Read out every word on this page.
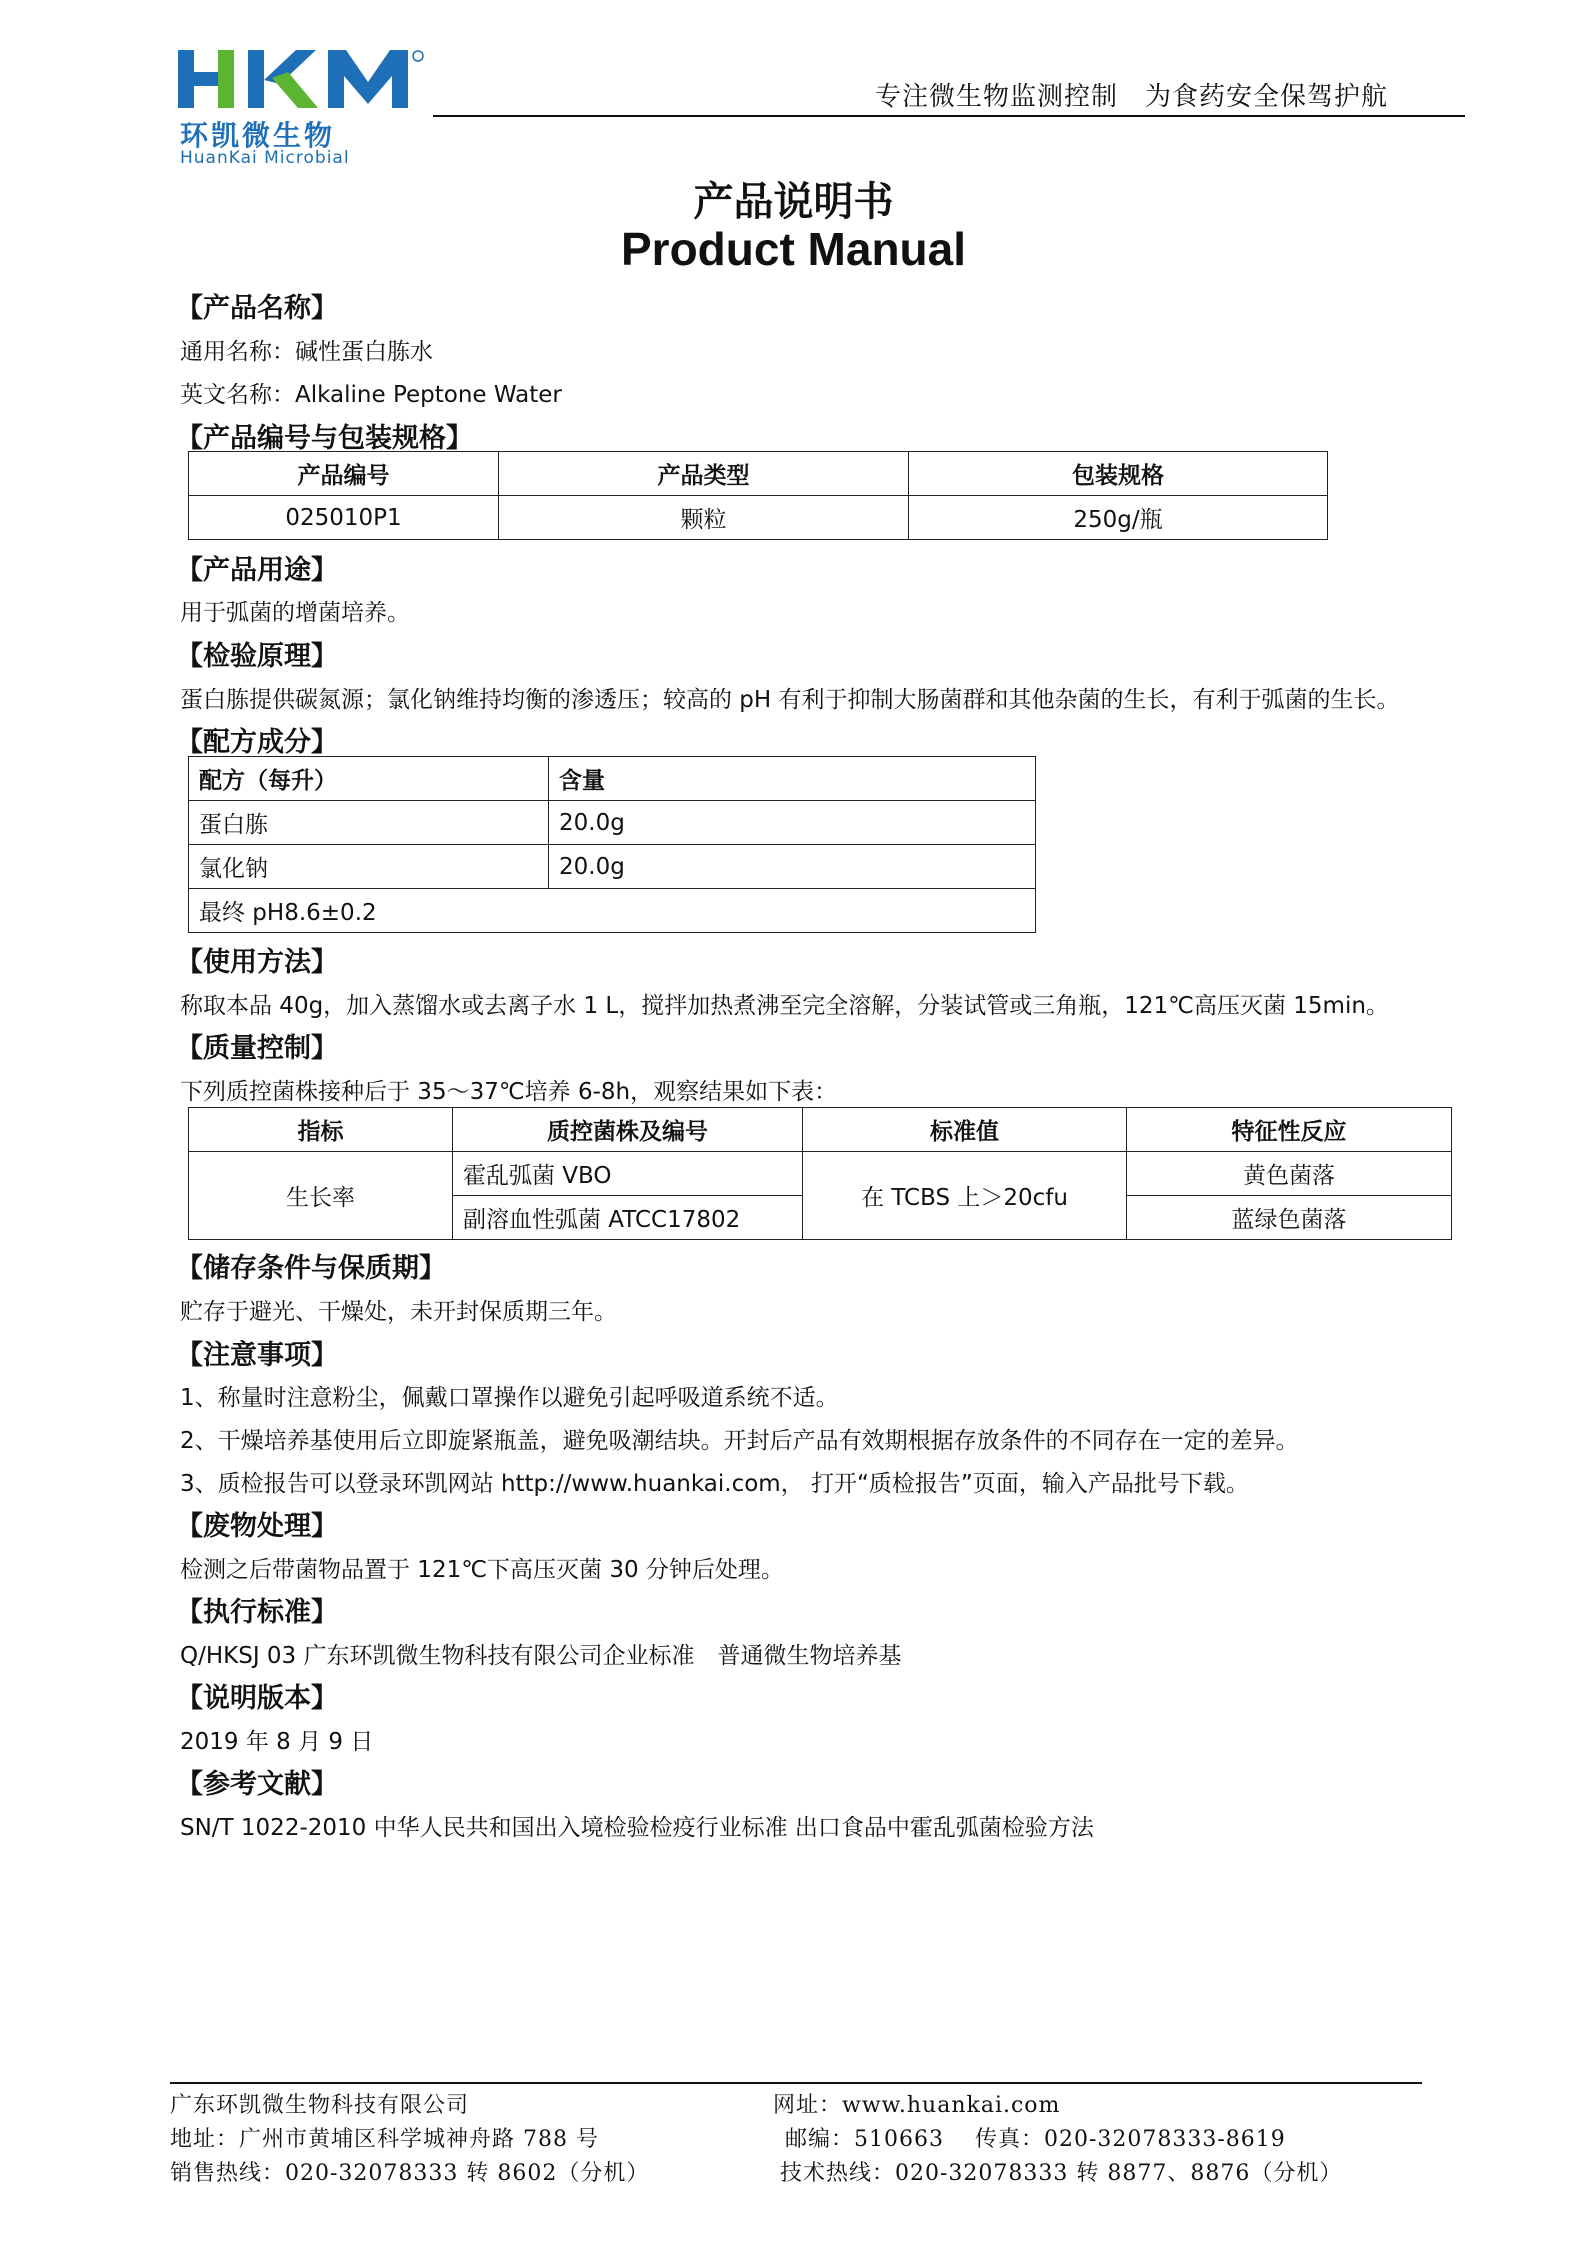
环凯微生物
HuanKai Microbial
专注微生物监测控制　为食药安全保驾护航
产品说明书
Product Manual
【产品名称】
通用名称：碱性蛋白胨水
英文名称：Alkaline Peptone Water
【产品编号与包装规格】
产品编号	产品类型	包装规格
025010P1	颗粒	250g/瓶
【产品用途】
用于弧菌的增菌培养。
【检验原理】
蛋白胨提供碳氮源；氯化钠维持均衡的渗透压；较高的 pH 有利于抑制大肠菌群和其他杂菌的生长，有利于弧菌的生长。
【配方成分】
配方（每升）	含量
蛋白胨	20.0g
氯化钠	20.0g
最终 pH8.6±0.2	
【使用方法】
称取本品 40g，加入蒸馏水或去离子水 1 L，搅拌加热煮沸至完全溶解，分装试管或三角瓶，121℃高压灭菌 15min。
【质量控制】
下列质控菌株接种后于 35～37℃培养 6-8h，观察结果如下表：
指标	质控菌株及编号	标准值	特征性反应
生长率	霍乱弧菌 VBO	在 TCBS 上＞20cfu	黄色菌落
	副溶血性弧菌 ATCC17802		蓝绿色菌落
【储存条件与保质期】
贮存于避光、干燥处，未开封保质期三年。
【注意事项】
1、称量时注意粉尘，佩戴口罩操作以避免引起呼吸道系统不适。
2、干燥培养基使用后立即旋紧瓶盖，避免吸潮结块。开封后产品有效期根据存放条件的不同存在一定的差异。
3、质检报告可以登录环凯网站 http://www.huankai.com， 打开“质检报告”页面，输入产品批号下载。
【废物处理】
检测之后带菌物品置于 121℃下高压灭菌 30 分钟后处理。
【执行标准】
Q/HKSJ 03 广东环凯微生物科技有限公司企业标准　普通微生物培养基
【说明版本】
2019 年 8 月 9 日
【参考文献】
SN/T 1022-2010 中华人民共和国出入境检验检疫行业标准 出口食品中霍乱弧菌检验方法
广东环凯微生物科技有限公司
地址：广州市黄埔区科学城神舟路 788 号
销售热线：020-32078333 转 8602（分机）
网址：www.huankai.com
邮编：510663　 传真：020-32078333-8619
技术热线：020-32078333 转 8877、8876（分机）
